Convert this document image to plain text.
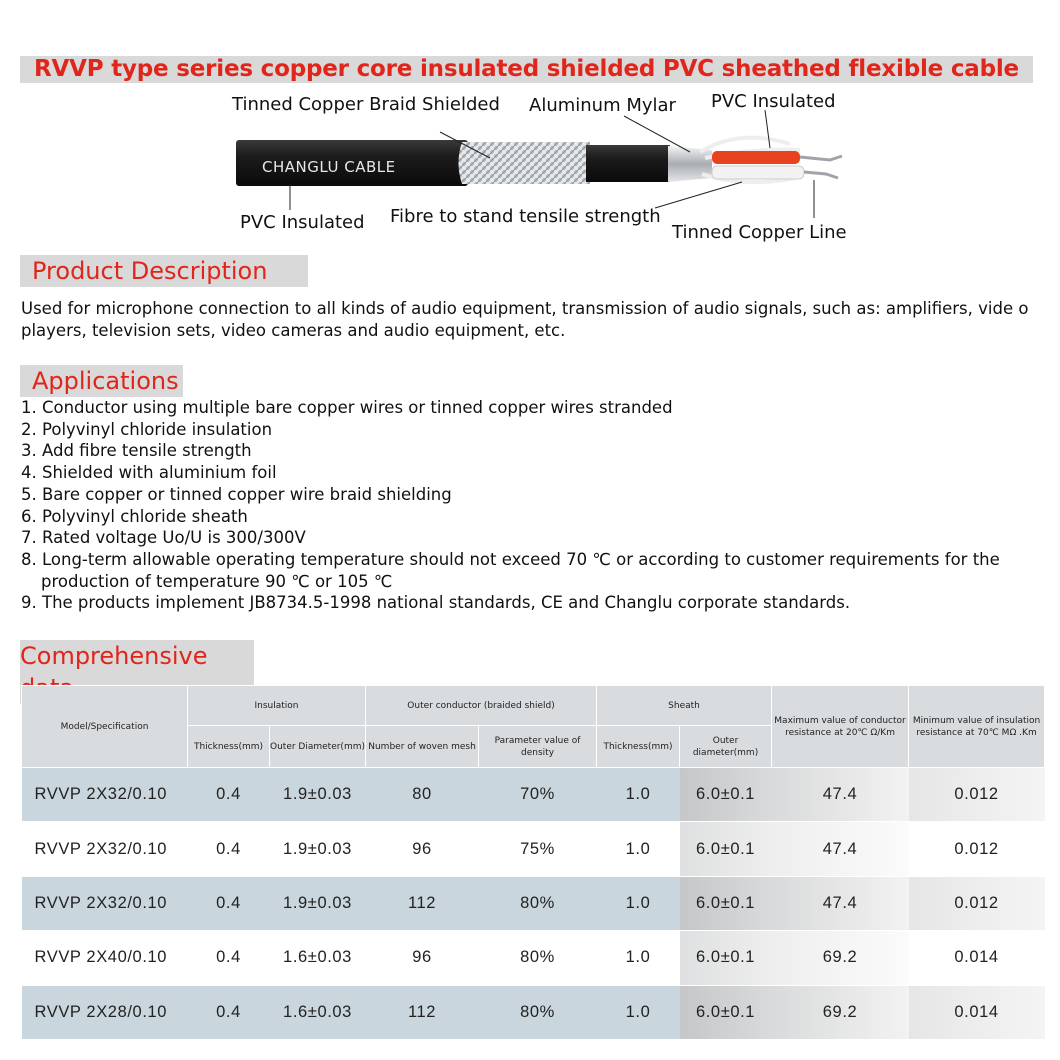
RVVP type series copper core insulated shielded PVC sheathed flexible cable
CHANGLU CABLE
Tinned Copper Braid Shielded Aluminum Mylar PVC Insulated
PVC Insulated Fibre to stand tensile strength
Tinned Copper Line
Product Description

Used for microphone connection to all kinds of audio equipment, transmission of audio signals, such as: amplifiers, vide o players, television sets, video cameras and audio equipment, etc.

Applications
1. Conductor using multiple bare copper wires or tinned copper wires stranded
2. Polyvinyl chloride insulation
3. Add fibre tensile strength
4. Shielded with aluminium foil
5. Bare copper or tinned copper wire braid shielding
6. Polyvinyl chloride sheath
7. Rated voltage Uo/U is 300/300V
8. Long-term allowable operating temperature should not exceed 70 ℃ or according to customer requirements for the production of temperature 90 ℃ or 105 ℃
9. The products implement JB8734.5-1998 national standards, CE and Changlu corporate standards.
Comprehensive
Model/Specification	Insulation		Outer conductor (braided shield)		Sheath		Maximum value of conductor resistance at 20℃ Ω/Km	Minimum value of insulation resistance at 70℃ MΩ .Km
	Thickness(mm)	Outer Diameter(mm)	Number of woven mesh	Parameter value of density	Thickness(mm)	Outer diameter(mm)		
RVVP 2X32/0.10	0.4	1.9±0.03	80	70%	1.0	6.0±0.1	47.4	0.012
RVVP 2X32/0.10	0.4	1.9±0.03	96	75%	1.0	6.0±0.1	47.4	0.012
RVVP 2X32/0.10	0.4	1.9±0.03	112	80%	1.0	6.0±0.1	47.4	0.012
RVVP 2X40/0.10	0.4	1.6±0.03	96	80%	1.0	6.0±0.1	69.2	0.014
RVVP 2X28/0.10	0.4	1.6±0.03	112	80%	1.0	6.0±0.1	69.2	0.014
